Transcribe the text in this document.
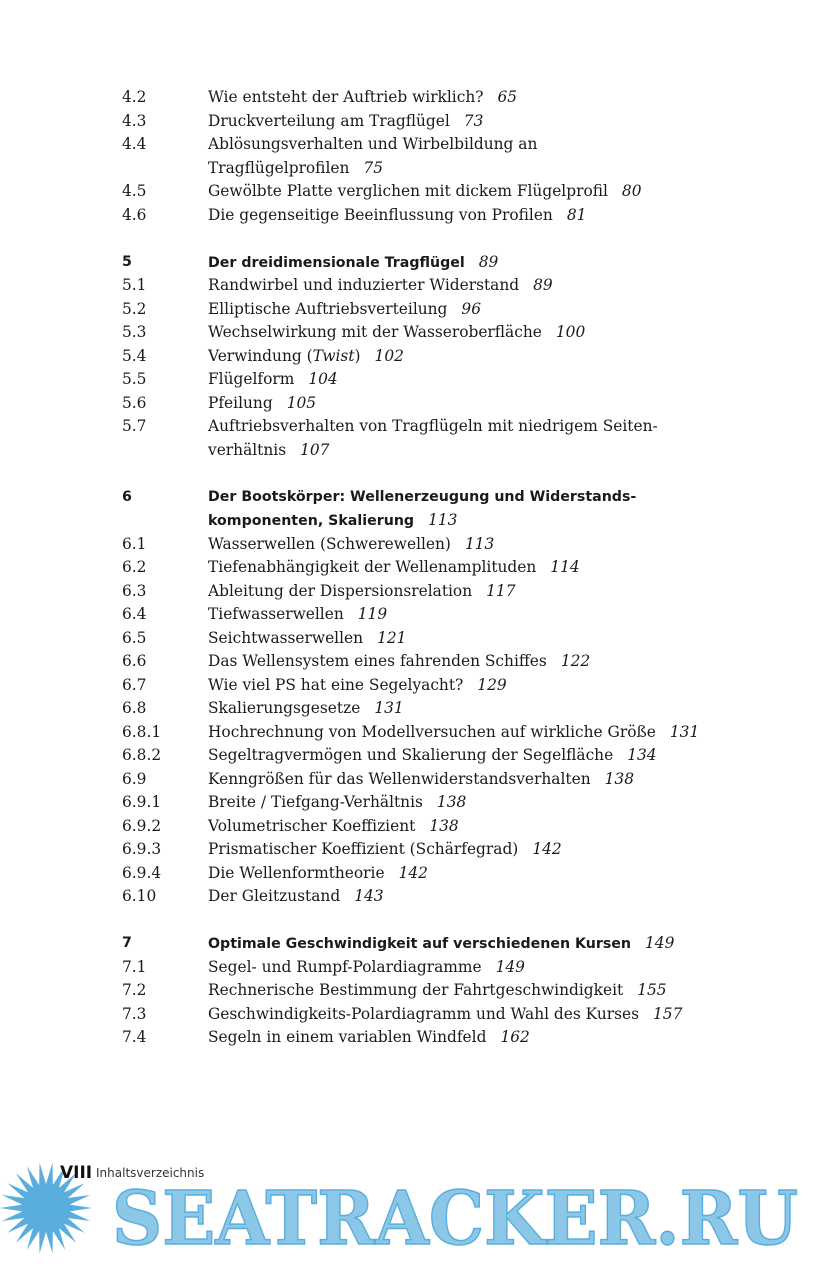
4.2	Wie entsteht der Auftrieb wirklich? 65
4.3	Druckverteilung am Tragflügel 73
4.4	Ablösungsverhalten und Wirbelbildung an Tragflügelprofilen 75
4.5	Gewölbte Platte verglichen mit dickem Flügelprofil 80
4.6	Die gegenseitige Beeinflussung von Profilen 81
5	Der dreidimensionale Tragflügel 89
5.1	Randwirbel und induzierter Widerstand 89
5.2	Elliptische Auftriebsverteilung 96
5.3	Wechselwirkung mit der Wasseroberfläche 100
5.4	Verwindung (Twist) 102
5.5	Flügelform 104
5.6	Pfeilung 105
5.7	Auftriebsverhalten von Tragflügeln mit niedrigem Seiten-verhältnis 107
6	Der Bootskörper: Wellenerzeugung und Widerstands-komponenten, Skalierung 113
6.1	Wasserwellen (Schwerewellen) 113
6.2	Tiefenabhängigkeit der Wellenamplituden 114
6.3	Ableitung der Dispersionsrelation 117
6.4	Tiefwasserwellen 119
6.5	Seichtwasserwellen 121
6.6	Das Wellensystem eines fahrenden Schiffes 122
6.7	Wie viel PS hat eine Segelyacht? 129
6.8	Skalierungsgesetze 131
6.8.1	Hochrechnung von Modellversuchen auf wirkliche Größe 131
6.8.2	Segeltragvermögen und Skalierung der Segelfläche 134
6.9	Kenngrößen für das Wellenwiderstandsverhalten 138
6.9.1	Breite / Tiefgang-Verhältnis 138
6.9.2	Volumetrischer Koeffizient 138
6.9.3	Prismatischer Koeffizient (Schärfegrad) 142
6.9.4	Die Wellenformtheorie 142
6.10	Der Gleitzustand 143
7	Optimale Geschwindigkeit auf verschiedenen Kursen 149
7.1	Segel- und Rumpf-Polardiagramme 149
7.2	Rechnerische Bestimmung der Fahrtgeschwindigkeit 155
7.3	Geschwindigkeits-Polardiagramm und Wahl des Kurses 157
7.4	Segeln in einem variablen Windfeld 162
VIII Inhaltsverzeichnis
SEATRACKER.RU
